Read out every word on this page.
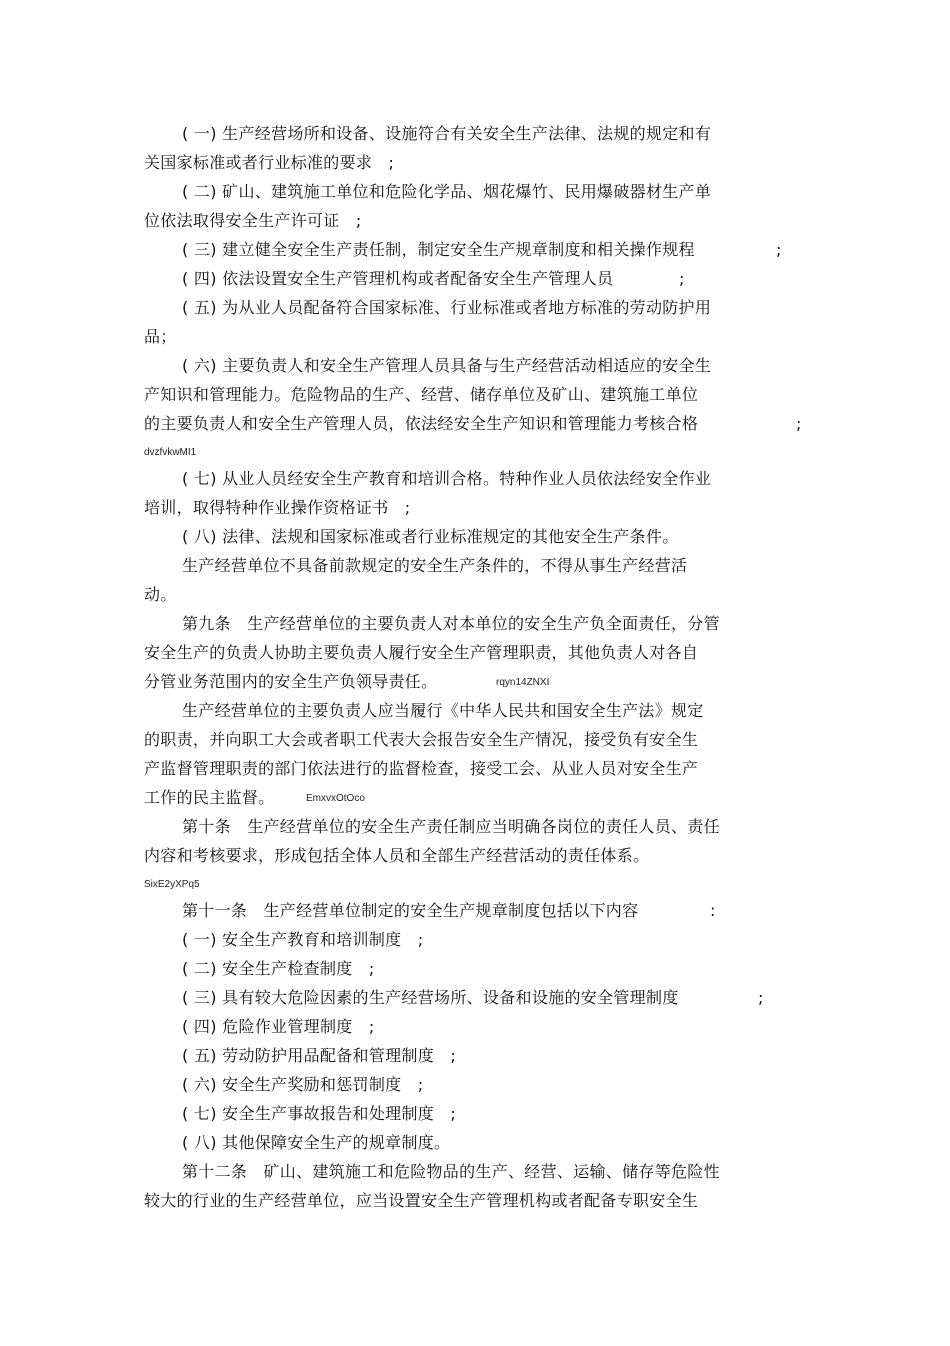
( 一) 生产经营场所和设备、设施符合有关安全生产法律、法规的规定和有
关国家标准或者行业标准的要求　;
( 二) 矿山、建筑施工单位和危险化学品、烟花爆竹、民用爆破器材生产单
位依法取得安全生产许可证　;
( 三) 建立健全安全生产责任制，制定安全生产规章制度和相关操作规程	;
( 四) 依法设置安全生产管理机构或者配备安全生产管理人员	;
( 五) 为从业人员配备符合国家标准、行业标准或者地方标准的劳动防护用
品；
( 六) 主要负责人和安全生产管理人员具备与生产经营活动相适应的安全生
产知识和管理能力。危险物品的生产、经营、储存单位及矿山、建筑施工单位
的主要负责人和安全生产管理人员，依法经安全生产知识和管理能力考核合格	;
dvzfvkwMI1
( 七) 从业人员经安全生产教育和培训合格。特种作业人员依法经安全作业
培训，取得特种作业操作资格证书　;
( 八) 法律、法规和国家标准或者行业标准规定的其他安全生产条件。
生产经营单位不具备前款规定的安全生产条件的，不得从事生产经营活
动。
第九条　生产经营单位的主要负责人对本单位的安全生产负全面责任，分管
安全生产的负责人协助主要负责人履行安全生产管理职责，其他负责人对各自
分管业务范围内的安全生产负领导责任。	rqyn14ZNXI
生产经营单位的主要负责人应当履行《中华人民共和国安全生产法》规定
的职责，并向职工大会或者职工代表大会报告安全生产情况，接受负有安全生
产监督管理职责的部门依法进行的监督检查，接受工会、从业人员对安全生产
工作的民主监督。	EmxvxOtOco
第十条　生产经营单位的安全生产责任制应当明确各岗位的责任人员、责任
内容和考核要求，形成包括全体人员和全部生产经营活动的责任体系。
SixE2yXPq5
第十一条　生产经营单位制定的安全生产规章制度包括以下内容	:
( 一) 安全生产教育和培训制度　;
( 二) 安全生产检查制度　;
( 三) 具有较大危险因素的生产经营场所、设备和设施的安全管理制度	;
( 四) 危险作业管理制度　;
( 五) 劳动防护用品配备和管理制度　;
( 六) 安全生产奖励和惩罚制度　;
( 七) 安全生产事故报告和处理制度　;
( 八) 其他保障安全生产的规章制度。
第十二条　矿山、建筑施工和危险物品的生产、经营、运输、储存等危险性
较大的行业的生产经营单位，应当设置安全生产管理机构或者配备专职安全生
